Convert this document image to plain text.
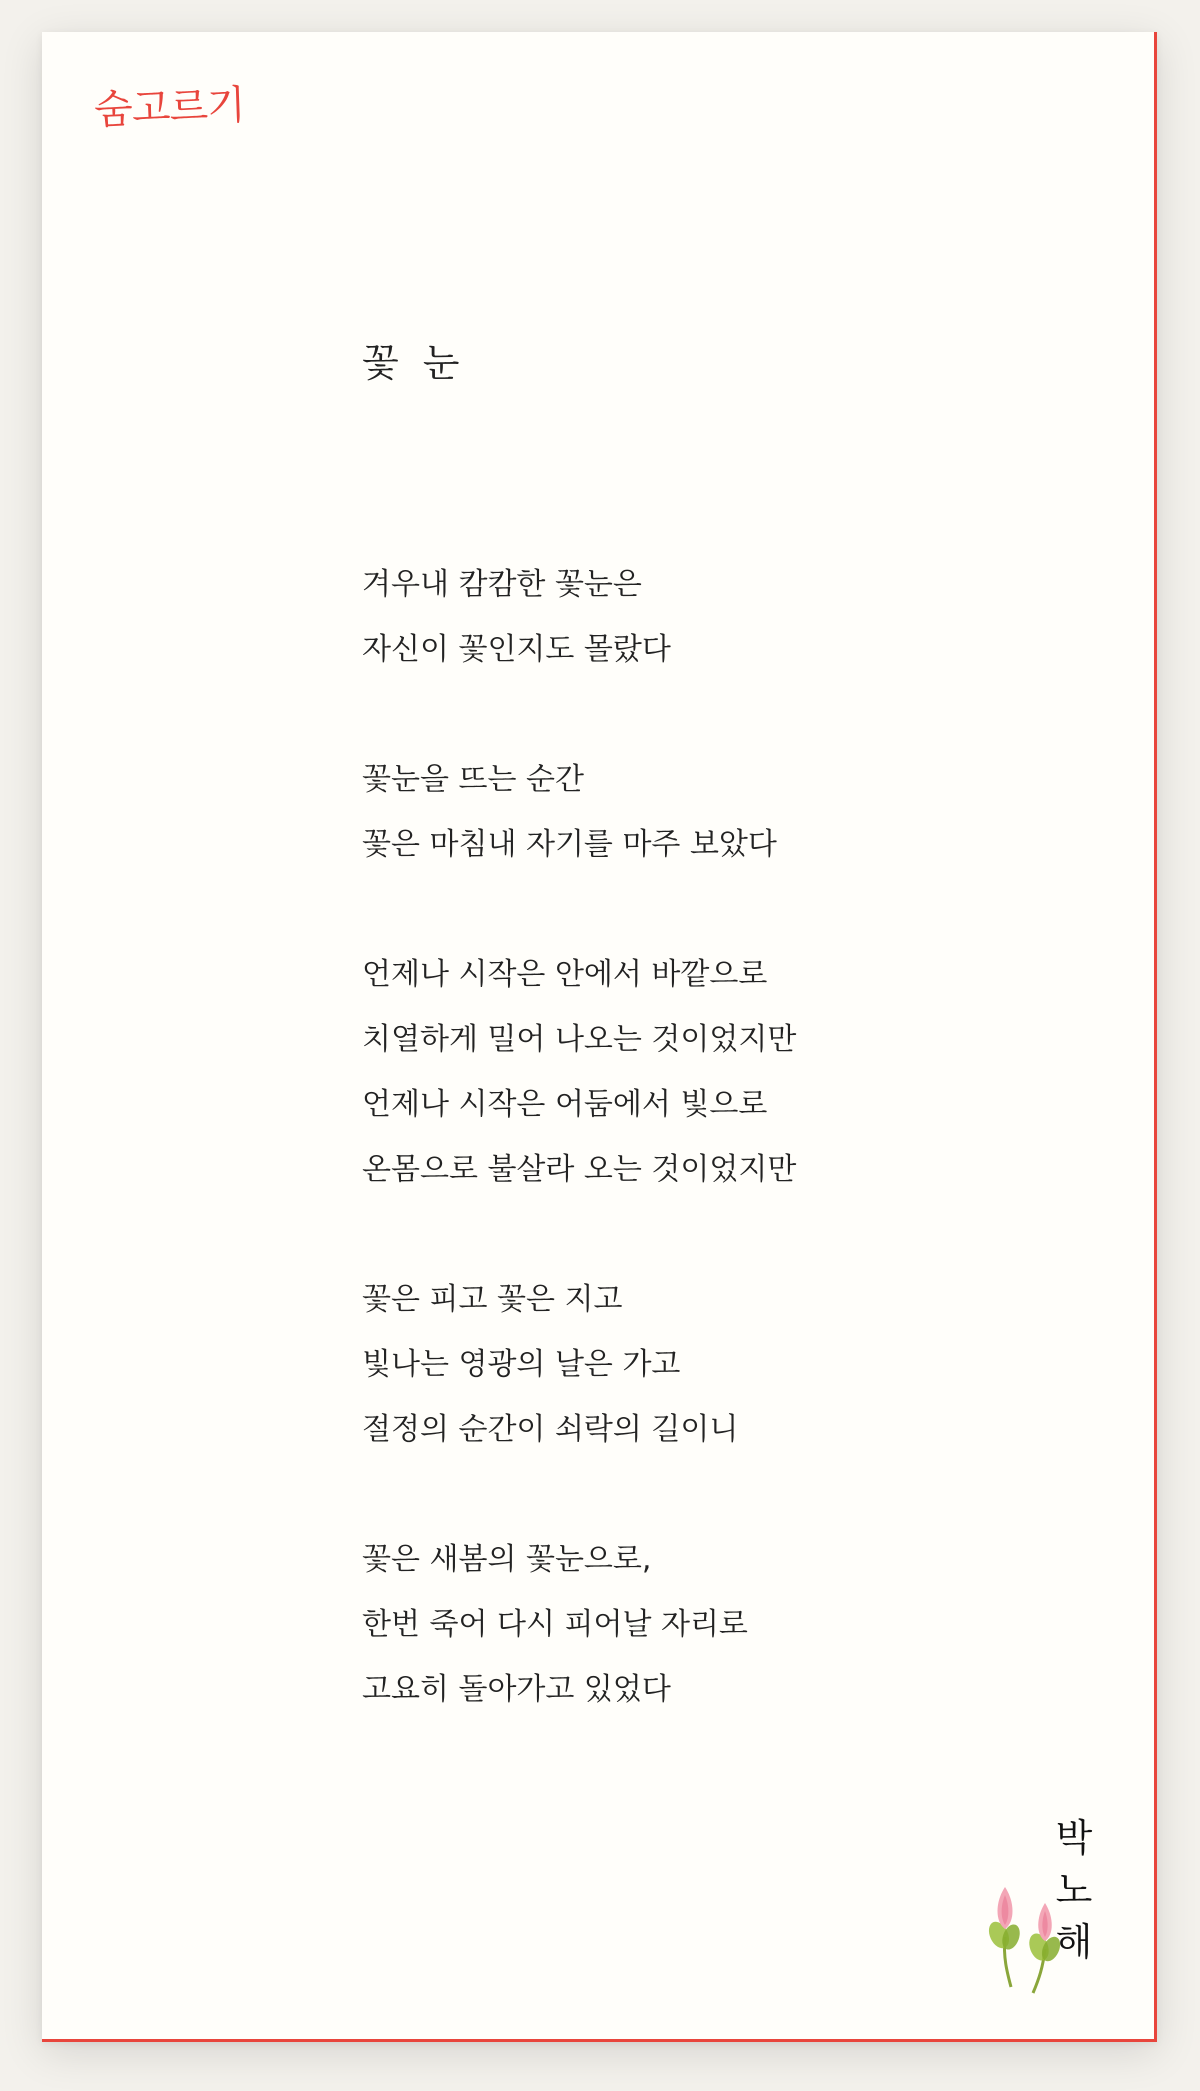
숨고르기
꽃 눈
겨우내 캄캄한 꽃눈은
자신이 꽃인지도 몰랐다
꽃눈을 뜨는 순간
꽃은 마침내 자기를 마주 보았다
언제나 시작은 안에서 바깥으로
치열하게 밀어 나오는 것이었지만
언제나 시작은 어둠에서 빛으로
온몸으로 불살라 오는 것이었지만
꽃은 피고 꽃은 지고
빛나는 영광의 날은 가고
절정의 순간이 쇠락의 길이니
꽃은 새봄의 꽃눈으로,
한번 죽어 다시 피어날 자리로
고요히 돌아가고 있었다
박
노
해
